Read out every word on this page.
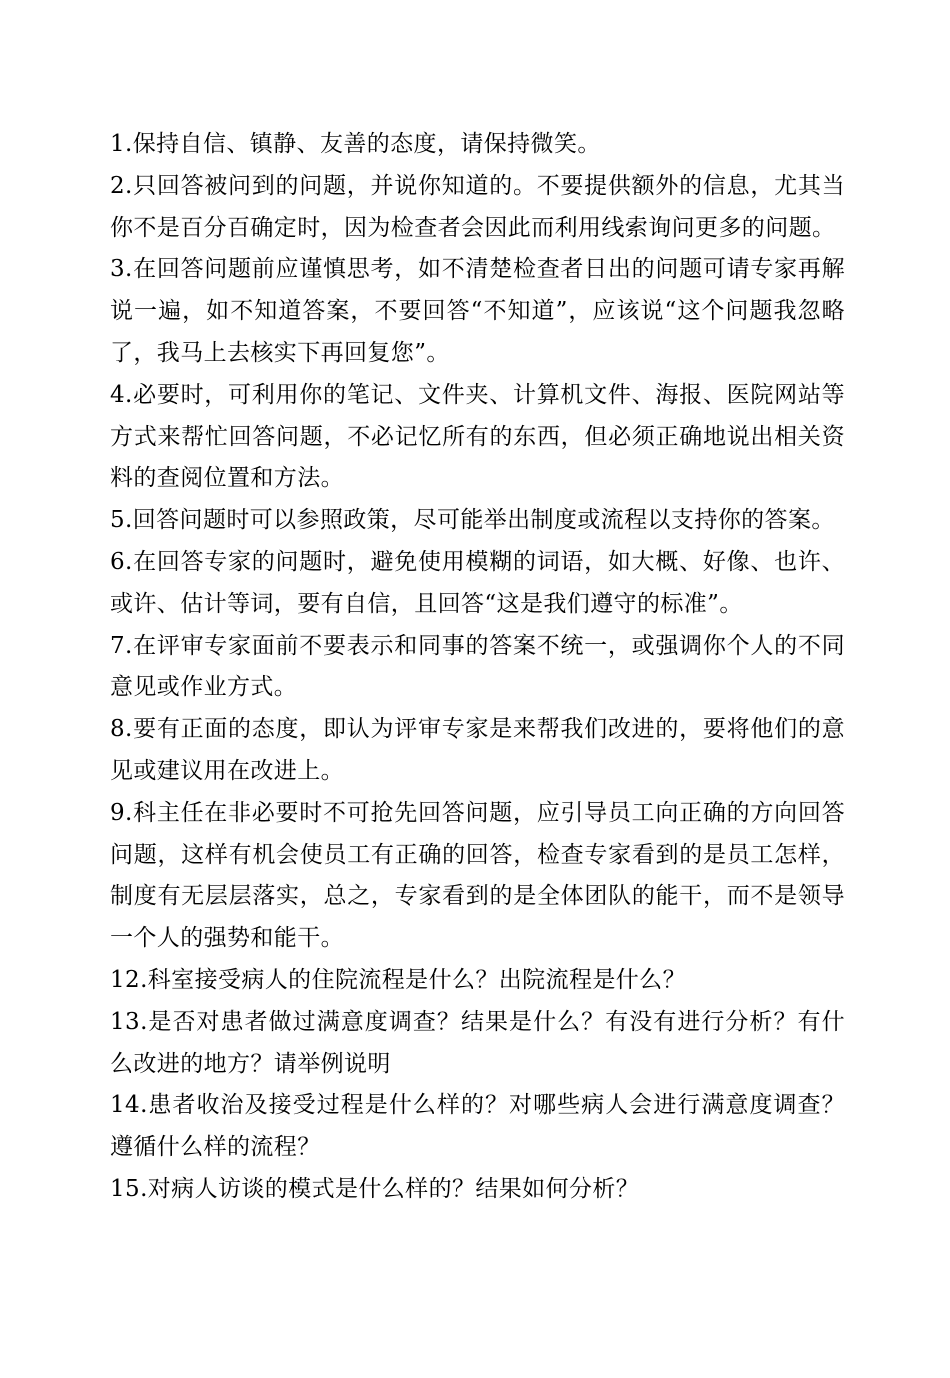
1.保持自信、镇静、友善的态度，请保持微笑。

2.只回答被问到的问题，并说你知道的。不要提供额外的信息，尤其当你不是百分百确定时，因为检查者会因此而利用线索询问更多的问题。

3.在回答问题前应谨慎思考，如不清楚检查者日出的问题可请专家再解说一遍，如不知道答案，不要回答“不知道”，应该说“这个问题我忽略了，我马上去核实下再回复您”。

4.必要时，可利用你的笔记、文件夹、计算机文件、海报、医院网站等方式来帮忙回答问题，不必记忆所有的东西，但必须正确地说出相关资料的查阅位置和方法。

5.回答问题时可以参照政策，尽可能举出制度或流程以支持你的答案。

6.在回答专家的问题时，避免使用模糊的词语，如大概、好像、也许、或许、估计等词，要有自信，且回答“这是我们遵守的标准”。

7.在评审专家面前不要表示和同事的答案不统一，或强调你个人的不同意见或作业方式。

8.要有正面的态度，即认为评审专家是来帮我们改进的，要将他们的意见或建议用在改进上。

9.科主任在非必要时不可抢先回答问题，应引导员工向正确的方向回答问题，这样有机会使员工有正确的回答，检查专家看到的是员工怎样，制度有无层层落实，总之，专家看到的是全体团队的能干，而不是领导一个人的强势和能干。

12.科室接受病人的住院流程是什么？出院流程是什么？

13.是否对患者做过满意度调查？结果是什么？有没有进行分析？有什么改进的地方？请举例说明

14.患者收治及接受过程是什么样的？对哪些病人会进行满意度调查？遵循什么样的流程？

15.对病人访谈的模式是什么样的？结果如何分析？
